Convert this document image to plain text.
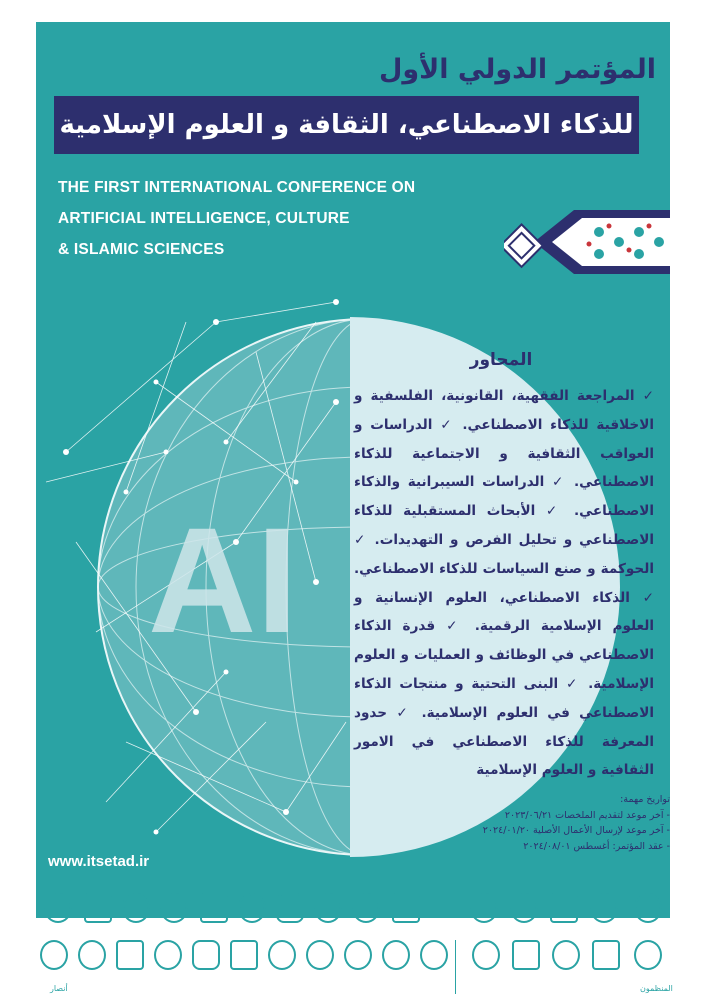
AI
المؤتمر الدولي الأول
للذكاء الاصطناعي، الثقافة و العلوم الإسلامية
THE FIRST INTERNATIONAL CONFERENCE ON
ARTIFICIAL INTELLIGENCE, CULTURE
& ISLAMIC SCIENCES
المحاور
✓ المراجعة الفقهية، القانونية، الفلسفية و الاخلاقية للذكاء الاصطناعي. ✓ الدراسات و العواقب الثقافية و الاجتماعية للذكاء الاصطناعي. ✓ الدراسات السيبرانية والذكاء الاصطناعي. ✓ الأبحاث المستقبلية للذكاء الاصطناعي و تحليل الفرص و التهديدات. ✓ الحوكمة و صنع السياسات للذكاء الاصطناعي. ✓ الذكاء الاصطناعي، العلوم الإنسانية و العلوم الإسلامية الرقمية. ✓ قدرة الذكاء الاصطناعي في الوظائف و العمليات و العلوم الإسلامية. ✓ البنى التحتية و منتجات الذكاء الاصطناعي في العلوم الإسلامية. ✓ حدود المعرفة للذكاء الاصطناعي في الامور الثقافية و العلوم الإسلامية
تواريخ مهمة:
- آخر موعد لتقديم الملخصات ٢٠٢٣/٠٦/٢١
- آخر موعد لإرسال الأعمال الأصلية ٢٠٢٤/٠١/٢٠
- عقد المؤتمر: أغسطس ٢٠٢٤/٠٨/٠١
www.itsetad.ir
أنصار	المنظمون
